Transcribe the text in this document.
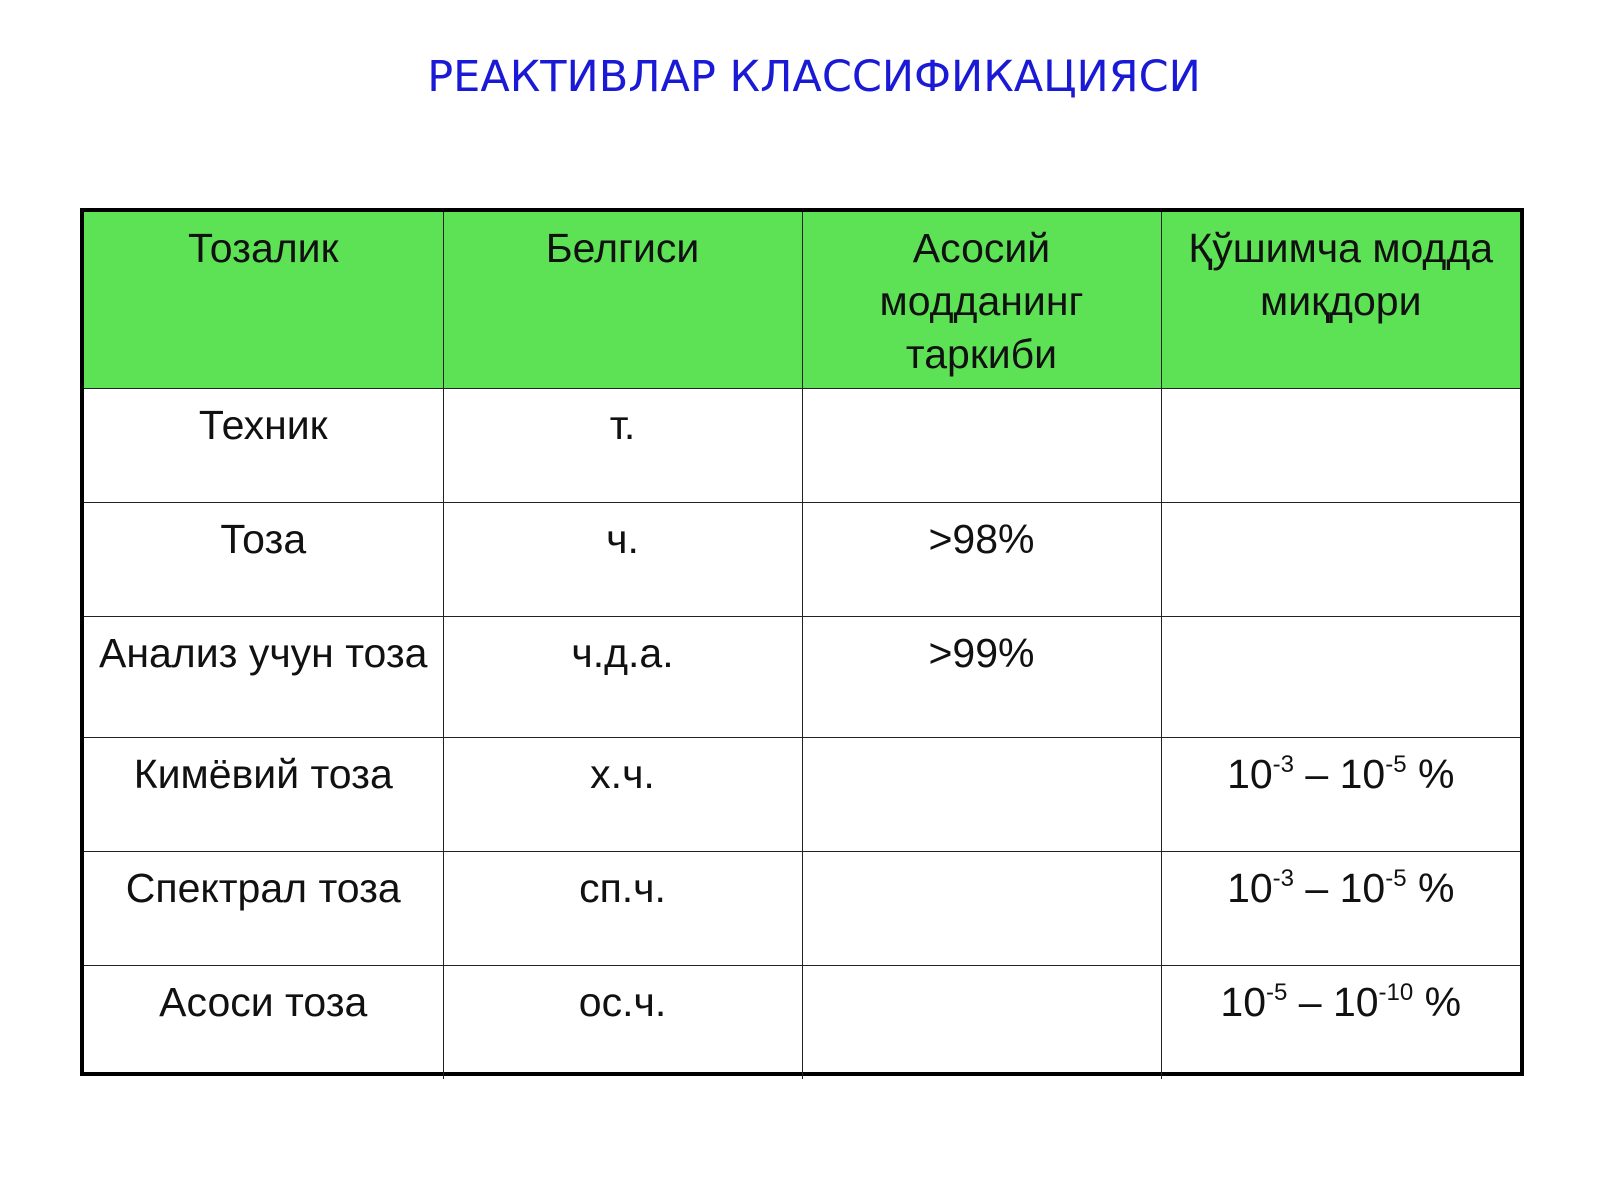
РЕАКТИВЛАР КЛАССИФИКАЦИЯСИ
Тозалик	Белгиси	Асосий модданинг таркиби	Қўшимча модда миқдори
Техник	т.		
Тоза	ч.	>98%	
Анализ учун тоза	ч.д.а.	>99%	
Кимёвий тоза	х.ч.		$10^{-3} - 10^{-5}$ %
Спектрал тоза	сп.ч.		$10^{-3} - 10^{-5}$ %
Асоси тоза	ос.ч.		$10^{-5} - 10^{-10}$ %
